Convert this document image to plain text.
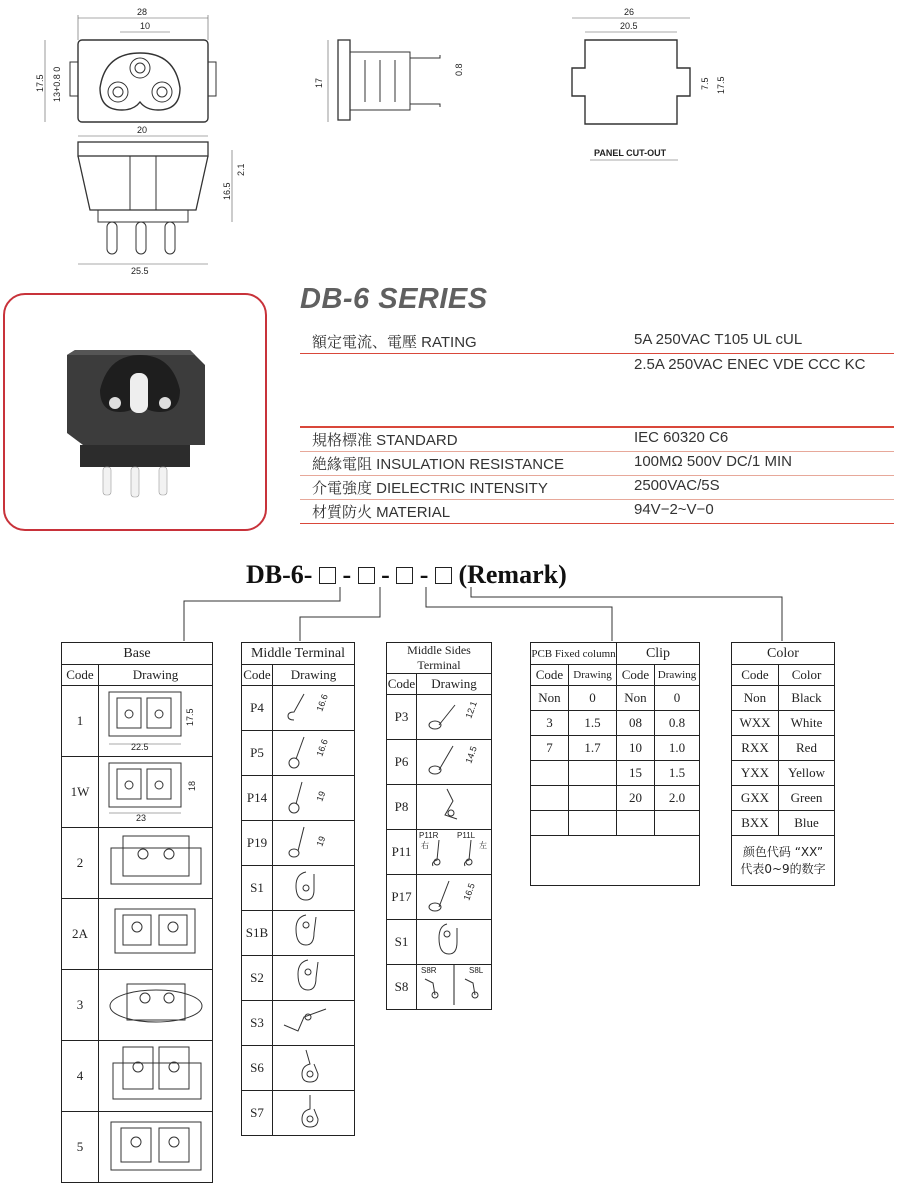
28
10
17.5 13+0.8 0
20
25.5
2.1
16.5
17
0.8
26
20.5
7.5 17.5
PANEL CUT-OUT
DB-6 SERIES
額定電流、電壓 RATING	5A 250VAC T105 UL cUL
2.5A 250VAC ENEC VDE CCC KC
規格標准 STANDARD	IEC 60320 C6
絶緣電阻 INSULATION RESISTANCE	100MΩ 500V DC/1 MIN
介電強度 DIELECTRIC INTENSITY	2500VAC/5S
材質防火 MATERIAL	94V−2~V−0
DB-6- - - - (Remark)
Base	
Code	Drawing
1	22.5
17.5

1W	23
18

2	
2A	
3	
4	
5	
Middle Terminal	
Code	Drawing
P4	16.6

P5	16.6

P14	19

P19	19

S1	
S1B	
S2	
S3	
S6	
S7	
Middle Sides Terminal	
Code	Drawing
P3	12.1

P6	14.5

P8	
P11	P11R P11L
右 左

P17	16.5

S1	
S8	S8R S8L
PCB Fixed column		Clip	
Code	Drawing	Code	Drawing
Non	0	Non	0
3	1.5	08	0.8
7	1.7	10	1.0
		15	1.5
		20	2.0

Color	
Code	Color
Non	Black
WXX	White
RXX	Red
YXX	Yellow
GXX	Green
BXX	Blue

颜色代码 “XX”
代表0~9的数字	
